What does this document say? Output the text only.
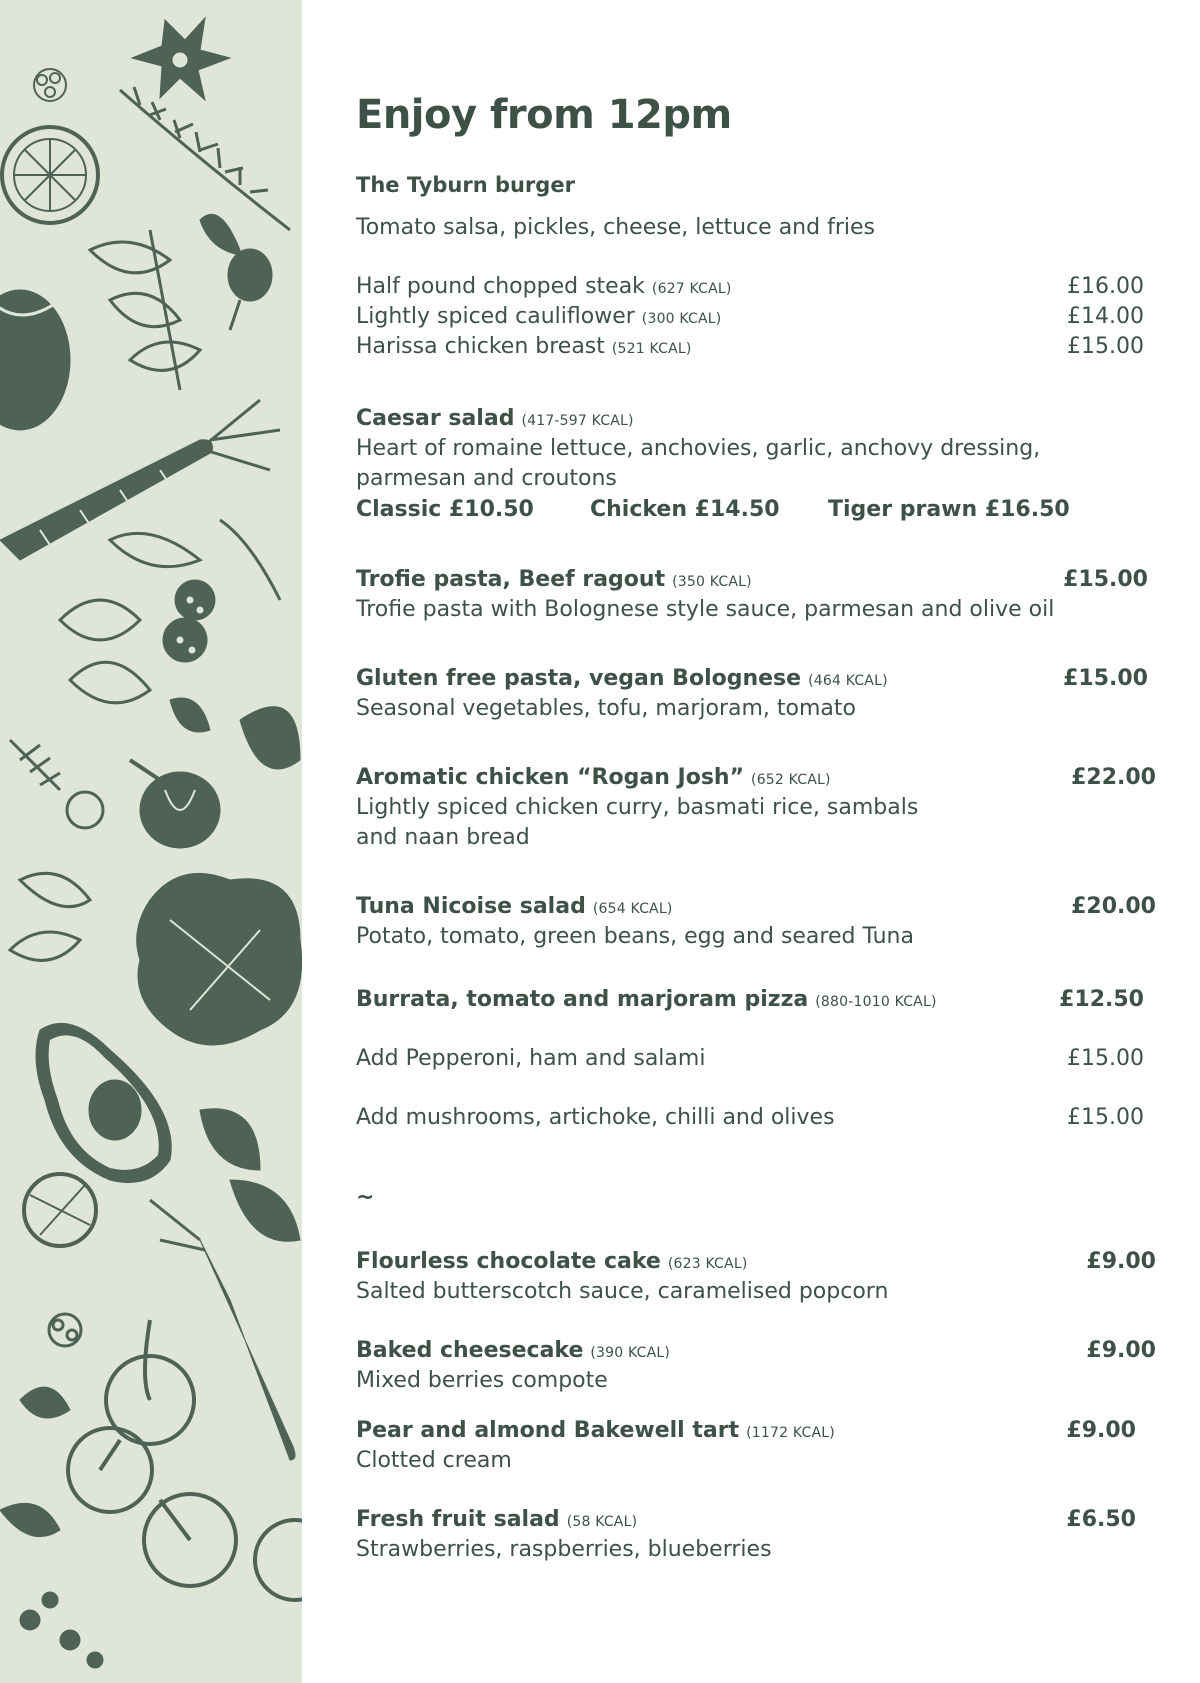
Enjoy from 12pm
The Tyburn burger
Tomato salsa, pickles, cheese, lettuce and fries
Half pound chopped steak (627 KCAL)	£16.00
Lightly spiced cauliflower (300 KCAL)	£14.00
Harissa chicken breast (521 KCAL)	£15.00
Caesar salad (417-597 KCAL)
Heart of romaine lettuce, anchovies, garlic, anchovy dressing,
parmesan and croutons
Classic £10.50	Chicken £14.50 Tiger prawn £16.50
Trofie pasta, Beef ragout (350 KCAL)	£15.00
Trofie pasta with Bolognese style sauce, parmesan and olive oil
Gluten free pasta, vegan Bolognese (464 KCAL)	£15.00
Seasonal vegetables, tofu, marjoram, tomato
Aromatic chicken “Rogan Josh” (652 KCAL)	£22.00
Lightly spiced chicken curry, basmati rice, sambals
and naan bread
Tuna Nicoise salad (654 KCAL)	£20.00
Potato, tomato, green beans, egg and seared Tuna
Burrata, tomato and marjoram pizza (880-1010 KCAL)	£12.50
Add Pepperoni, ham and salami	£15.00
Add mushrooms, artichoke, chilli and olives	£15.00
~
Flourless chocolate cake (623 KCAL)	£9.00
Salted butterscotch sauce, caramelised popcorn
Baked cheesecake (390 KCAL)	£9.00
Mixed berries compote
Pear and almond Bakewell tart (1172 KCAL)	£9.00
Clotted cream
Fresh fruit salad (58 KCAL)	£6.50
Strawberries, raspberries, blueberries
